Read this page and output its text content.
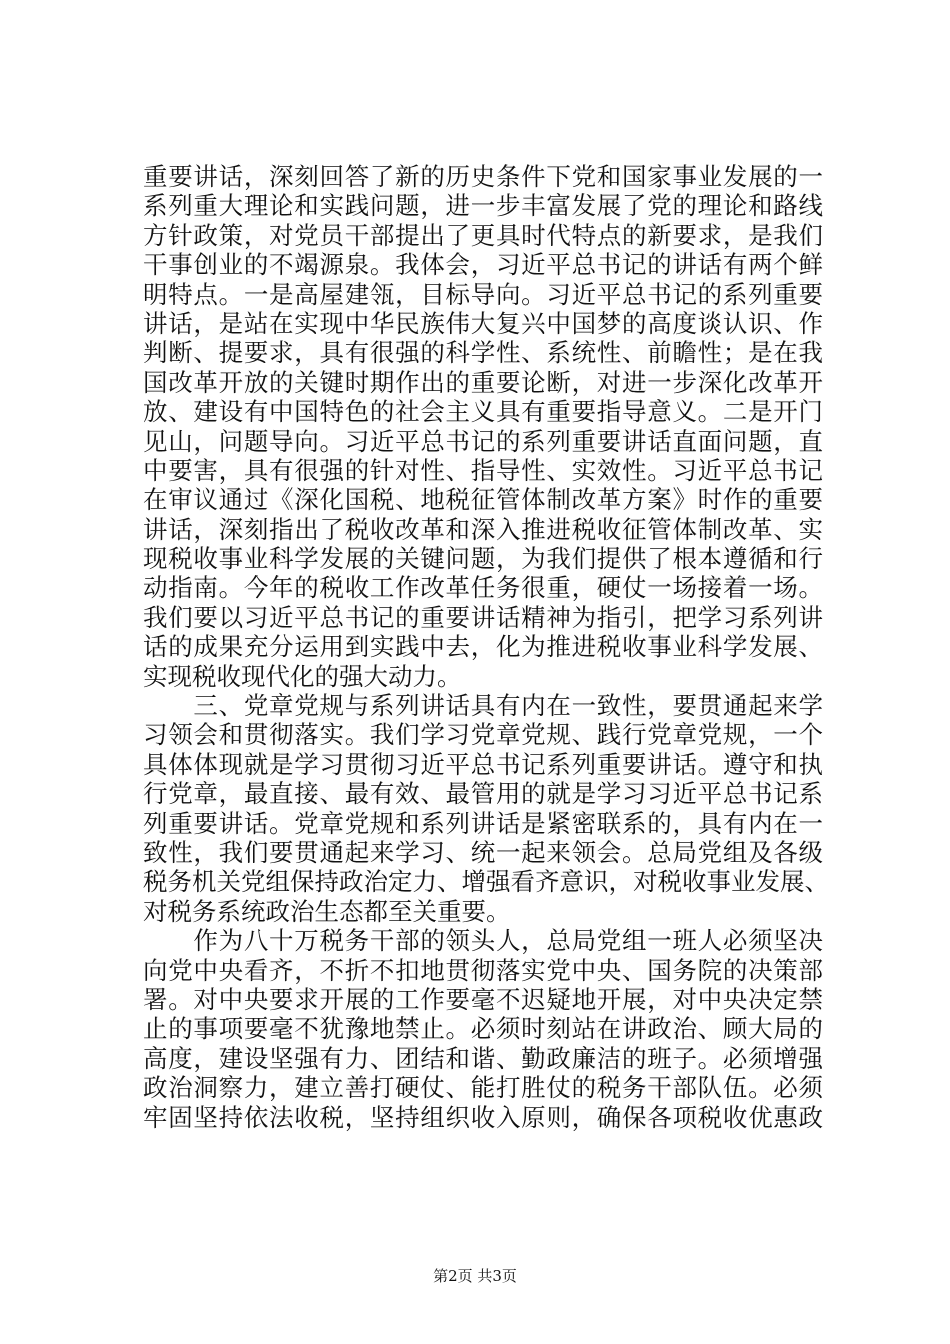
重要讲话，深刻回答了新的历史条件下党和国家事业发展的一
系列重大理论和实践问题，进一步丰富发展了党的理论和路线
方针政策，对党员干部提出了更具时代特点的新要求，是我们
干事创业的不竭源泉。我体会，习近平总书记的讲话有两个鲜
明特点。一是高屋建瓴，目标导向。习近平总书记的系列重要
讲话，是站在实现中华民族伟大复兴中国梦的高度谈认识、作
判断、提要求，具有很强的科学性、系统性、前瞻性；是在我
国改革开放的关键时期作出的重要论断，对进一步深化改革开
放、建设有中国特色的社会主义具有重要指导意义。二是开门
见山，问题导向。习近平总书记的系列重要讲话直面问题，直
中要害，具有很强的针对性、指导性、实效性。习近平总书记
在审议通过《深化国税、地税征管体制改革方案》时作的重要
讲话，深刻指出了税收改革和深入推进税收征管体制改革、实
现税收事业科学发展的关键问题，为我们提供了根本遵循和行
动指南。今年的税收工作改革任务很重，硬仗一场接着一场。
我们要以习近平总书记的重要讲话精神为指引，把学习系列讲
话的成果充分运用到实践中去，化为推进税收事业科学发展、
实现税收现代化的强大动力。
　　三、党章党规与系列讲话具有内在一致性，要贯通起来学
习领会和贯彻落实。我们学习党章党规、践行党章党规，一个
具体体现就是学习贯彻习近平总书记系列重要讲话。遵守和执
行党章，最直接、最有效、最管用的就是学习习近平总书记系
列重要讲话。党章党规和系列讲话是紧密联系的，具有内在一
致性，我们要贯通起来学习、统一起来领会。总局党组及各级
税务机关党组保持政治定力、增强看齐意识，对税收事业发展、
对税务系统政治生态都至关重要。
　　作为八十万税务干部的领头人，总局党组一班人必须坚决
向党中央看齐，不折不扣地贯彻落实党中央、国务院的决策部
署。对中央要求开展的工作要毫不迟疑地开展，对中央决定禁
止的事项要毫不犹豫地禁止。必须时刻站在讲政治、顾大局的
高度，建设坚强有力、团结和谐、勤政廉洁的班子。必须增强
政治洞察力，建立善打硬仗、能打胜仗的税务干部队伍。必须
牢固坚持依法收税，坚持组织收入原则，确保各项税收优惠政
第2页 共3页
